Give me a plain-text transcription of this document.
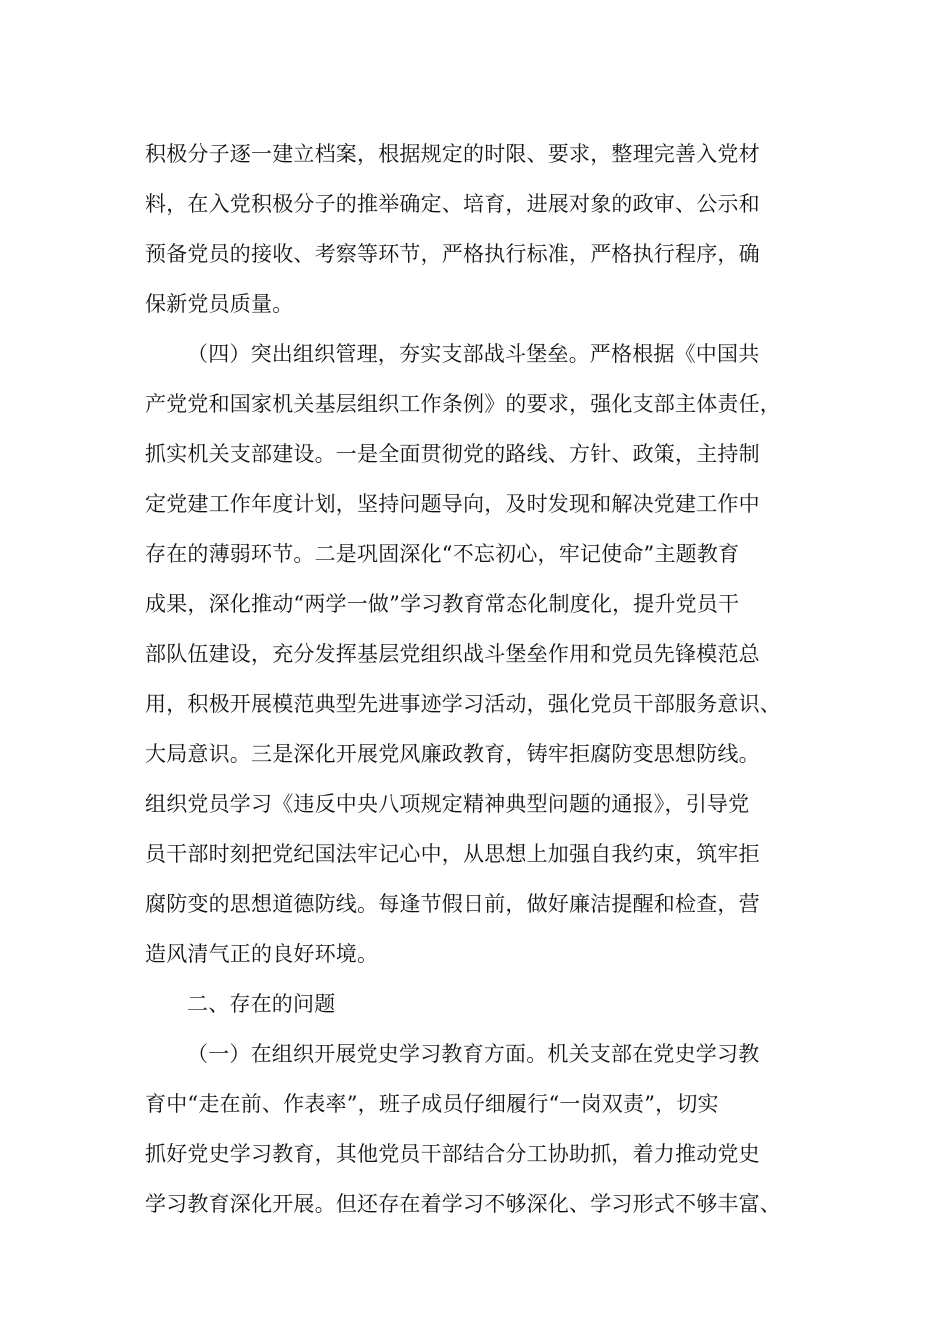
积极分子逐一建立档案，根据规定的时限、要求，整理完善入党材
料，在入党积极分子的推举确定、培育，进展对象的政审、公示和
预备党员的接收、考察等环节，严格执行标准，严格执行程序，确
保新党员质量。
（四）突出组织管理，夯实支部战斗堡垒。严格根据《中国共
产党党和国家机关基层组织工作条例》的要求，强化支部主体责任，
抓实机关支部建设。一是全面贯彻党的路线、方针、政策，主持制
定党建工作年度计划，坚持问题导向，及时发现和解决党建工作中
存在的薄弱环节。二是巩固深化“不忘初心，牢记使命”主题教育
成果，深化推动“两学一做”学习教育常态化制度化，提升党员干
部队伍建设，充分发挥基层党组织战斗堡垒作用和党员先锋模范总
用，积极开展模范典型先进事迹学习活动，强化党员干部服务意识、
大局意识。三是深化开展党风廉政教育，铸牢拒腐防变思想防线。
组织党员学习《违反中央八项规定精神典型问题的通报》，引导党
员干部时刻把党纪国法牢记心中，从思想上加强自我约束，筑牢拒
腐防变的思想道德防线。每逢节假日前，做好廉洁提醒和检查，营
造风清气正的良好环境。
二、存在的问题
（一）在组织开展党史学习教育方面。机关支部在党史学习教
育中“走在前、作表率”，班子成员仔细履行“一岗双责”，切实
抓好党史学习教育，其他党员干部结合分工协助抓，着力推动党史
学习教育深化开展。但还存在着学习不够深化、学习形式不够丰富、
